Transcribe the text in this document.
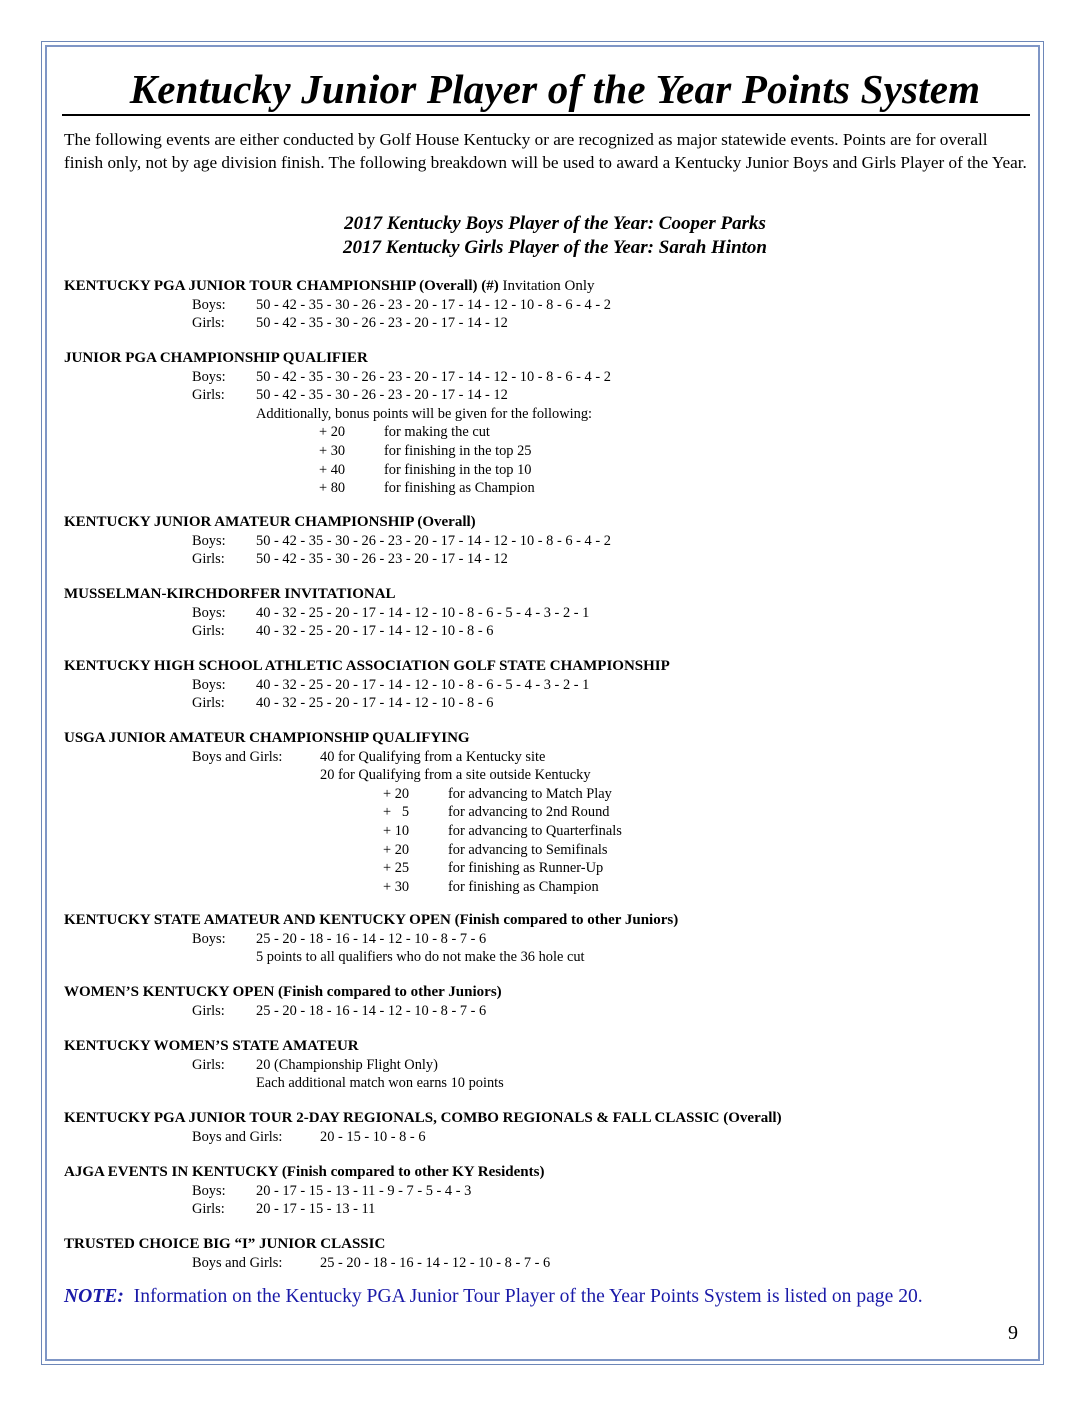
Kentucky Junior Player of the Year Points System

The following events are either conducted by Golf House Kentucky or are recognized as major statewide events. Points are for overall finish only, not by age division finish. The following breakdown will be used to award a Kentucky Junior Boys and Girls Player of the Year.

2017 Kentucky Boys Player of the Year: Cooper Parks
2017 Kentucky Girls Player of the Year: Sarah Hinton
KENTUCKY PGA JUNIOR TOUR CHAMPIONSHIP (Overall) (#) Invitation Only
Boys: 50 - 42 - 35 - 30 - 26 - 23 - 20 - 17 - 14 - 12 - 10 - 8 - 6 - 4 - 2
Girls: 50 - 42 - 35 - 30 - 26 - 23 - 20 - 17 - 14 - 12
JUNIOR PGA CHAMPIONSHIP QUALIFIER
Boys: 50 - 42 - 35 - 30 - 26 - 23 - 20 - 17 - 14 - 12 - 10 - 8 - 6 - 4 - 2
Girls: 50 - 42 - 35 - 30 - 26 - 23 - 20 - 17 - 14 - 12
Additionally, bonus points will be given for the following:
+ 20	for making the cut
+ 30	for finishing in the top 25
+ 40	for finishing in the top 10
+ 80	for finishing as Champion
KENTUCKY JUNIOR AMATEUR CHAMPIONSHIP (Overall)
Boys: 50 - 42 - 35 - 30 - 26 - 23 - 20 - 17 - 14 - 12 - 10 - 8 - 6 - 4 - 2
Girls: 50 - 42 - 35 - 30 - 26 - 23 - 20 - 17 - 14 - 12
MUSSELMAN-KIRCHDORFER INVITATIONAL
Boys: 40 - 32 - 25 - 20 - 17 - 14 - 12 - 10 - 8 - 6 - 5 - 4 - 3 - 2 - 1
Girls: 40 - 32 - 25 - 20 - 17 - 14 - 12 - 10 - 8 - 6
KENTUCKY HIGH SCHOOL ATHLETIC ASSOCIATION GOLF STATE CHAMPIONSHIP
Boys: 40 - 32 - 25 - 20 - 17 - 14 - 12 - 10 - 8 - 6 - 5 - 4 - 3 - 2 - 1
Girls: 40 - 32 - 25 - 20 - 17 - 14 - 12 - 10 - 8 - 6
USGA JUNIOR AMATEUR CHAMPIONSHIP QUALIFYING
Boys and Girls:	40 for Qualifying from a Kentucky site
20 for Qualifying from a site outside Kentucky
+ 20	for advancing to Match Play
+   5	for advancing to 2nd Round
+ 10	for advancing to Quarterfinals
+ 20	for advancing to Semifinals
+ 25	for finishing as Runner-Up
+ 30	for finishing as Champion
KENTUCKY STATE AMATEUR AND KENTUCKY OPEN (Finish compared to other Juniors)
Boys: 25 - 20 - 18 - 16 - 14 - 12 - 10 - 8 - 7 - 6
5 points to all qualifiers who do not make the 36 hole cut
WOMEN’S KENTUCKY OPEN (Finish compared to other Juniors)
Girls: 25 - 20 - 18 - 16 - 14 - 12 - 10 - 8 - 7 - 6
KENTUCKY WOMEN’S STATE AMATEUR
Girls: 20 (Championship Flight Only)
Each additional match won earns 10 points
KENTUCKY PGA JUNIOR TOUR 2-DAY REGIONALS, COMBO REGIONALS & FALL CLASSIC (Overall)
Boys and Girls:	20 - 15 - 10 - 8 - 6
AJGA EVENTS IN KENTUCKY (Finish compared to other KY Residents)
Boys: 20 - 17 - 15 - 13 - 11 - 9 - 7 - 5 - 4 - 3
Girls: 20 - 17 - 15 - 13 - 11
TRUSTED CHOICE BIG “I” JUNIOR CLASSIC
Boys and Girls:	25 - 20 - 18 - 16 - 14 - 12 - 10 - 8 - 7 - 6
NOTE: Information on the Kentucky PGA Junior Tour Player of the Year Points System is listed on page 20.
9
